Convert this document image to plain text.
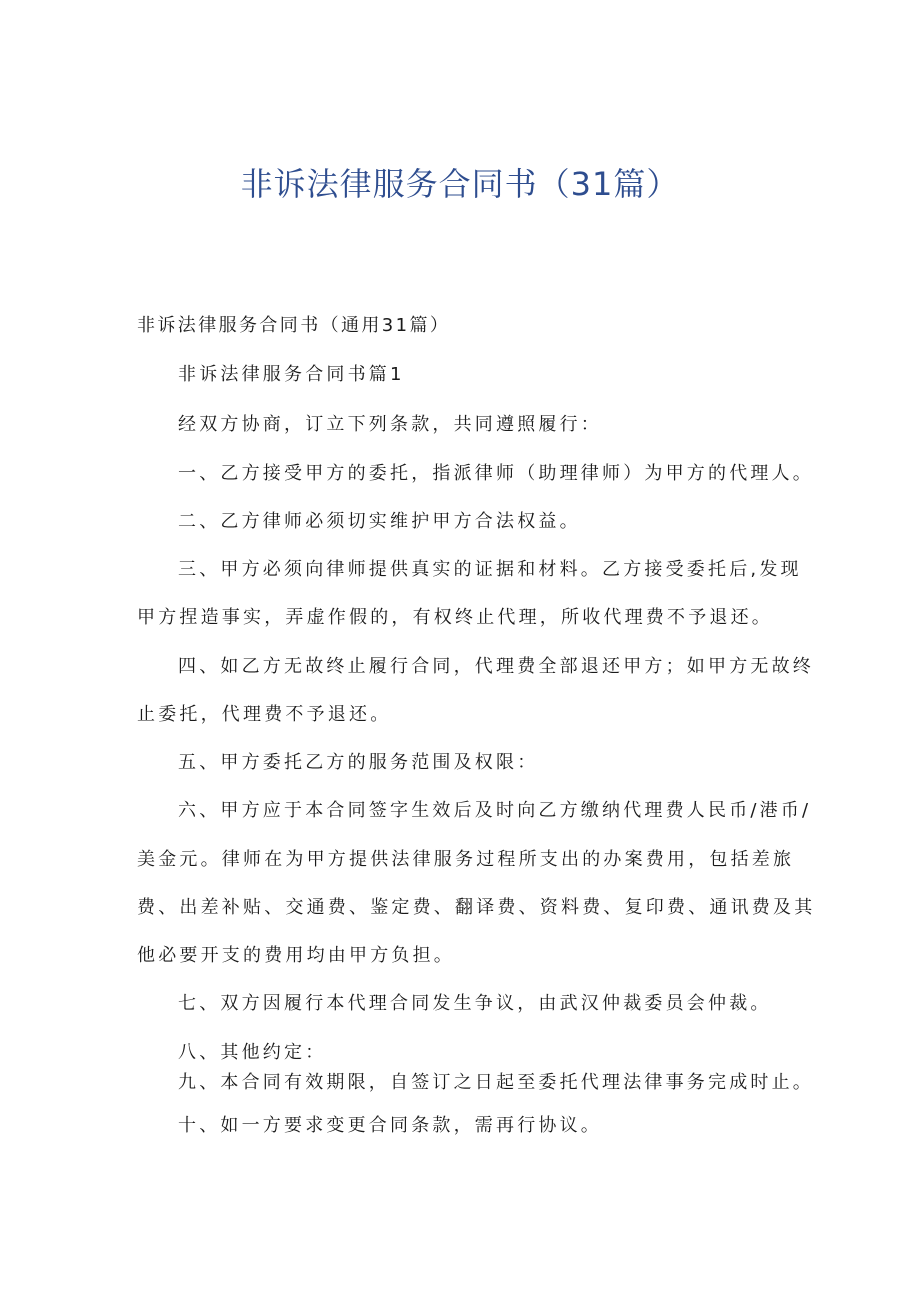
非诉法律服务合同书（31篇）
非诉法律服务合同书（通用31篇）
非诉法律服务合同书篇1
经双方协商，订立下列条款，共同遵照履行：
一、乙方接受甲方的委托，指派律师（助理律师）为甲方的代理人。
二、乙方律师必须切实维护甲方合法权益。
三、甲方必须向律师提供真实的证据和材料。乙方接受委托后,发现
甲方捏造事实，弄虚作假的，有权终止代理，所收代理费不予退还。
四、如乙方无故终止履行合同，代理费全部退还甲方；如甲方无故终
止委托，代理费不予退还。
五、甲方委托乙方的服务范围及权限：
六、甲方应于本合同签字生效后及时向乙方缴纳代理费人民币/港币/
美金元。律师在为甲方提供法律服务过程所支出的办案费用，包括差旅
费、出差补贴、交通费、鉴定费、翻译费、资料费、复印费、通讯费及其
他必要开支的费用均由甲方负担。
七、双方因履行本代理合同发生争议，由武汉仲裁委员会仲裁。
八、其他约定：
九、本合同有效期限，自签订之日起至委托代理法律事务完成时止。
十、如一方要求变更合同条款，需再行协议。
